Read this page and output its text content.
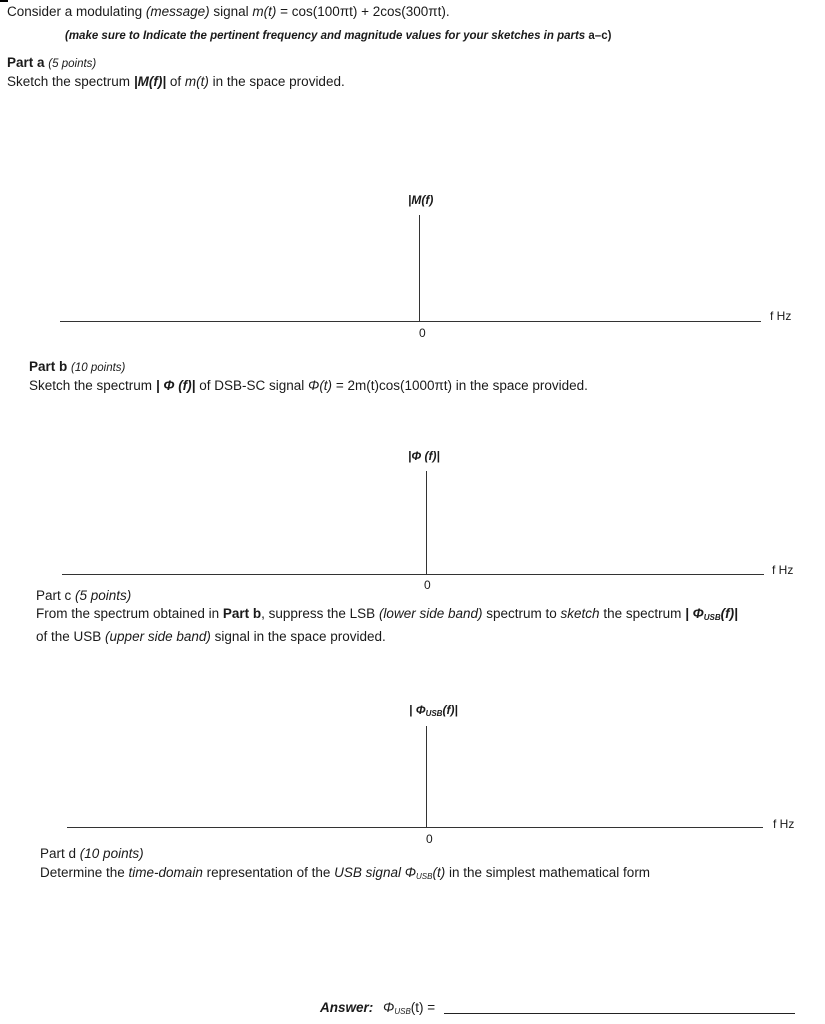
Consider a modulating (message) signal m(t) = cos(100πt) + 2cos(300πt).
(make sure to Indicate the pertinent frequency and magnitude values for your sketches in parts a–c)
Part a (5 points)
Sketch the spectrum |M(f)| of m(t) in the space provided.
|M(f)
f Hz
0
Part b (10 points)
Sketch the spectrum | Φ (f)| of DSB-SC signal Φ(t) = 2m(t)cos(1000πt) in the space provided.
|Φ (f)|
f Hz
0
Part c (5 points)
From the spectrum obtained in Part b, suppress the LSB (lower side band) spectrum to sketch the spectrum | $\Phi_{USB}(f)|$
of the USB (upper side band) signal in the space provided.
| $\Phi_{USB}(f)|$
f Hz
0
Part d (10 points)
Determine the time-domain representation of the USB signal $\Phi_{USB}(t)$ in the simplest mathematical form
Answer: $\Phi_{USB}(t)$ =
